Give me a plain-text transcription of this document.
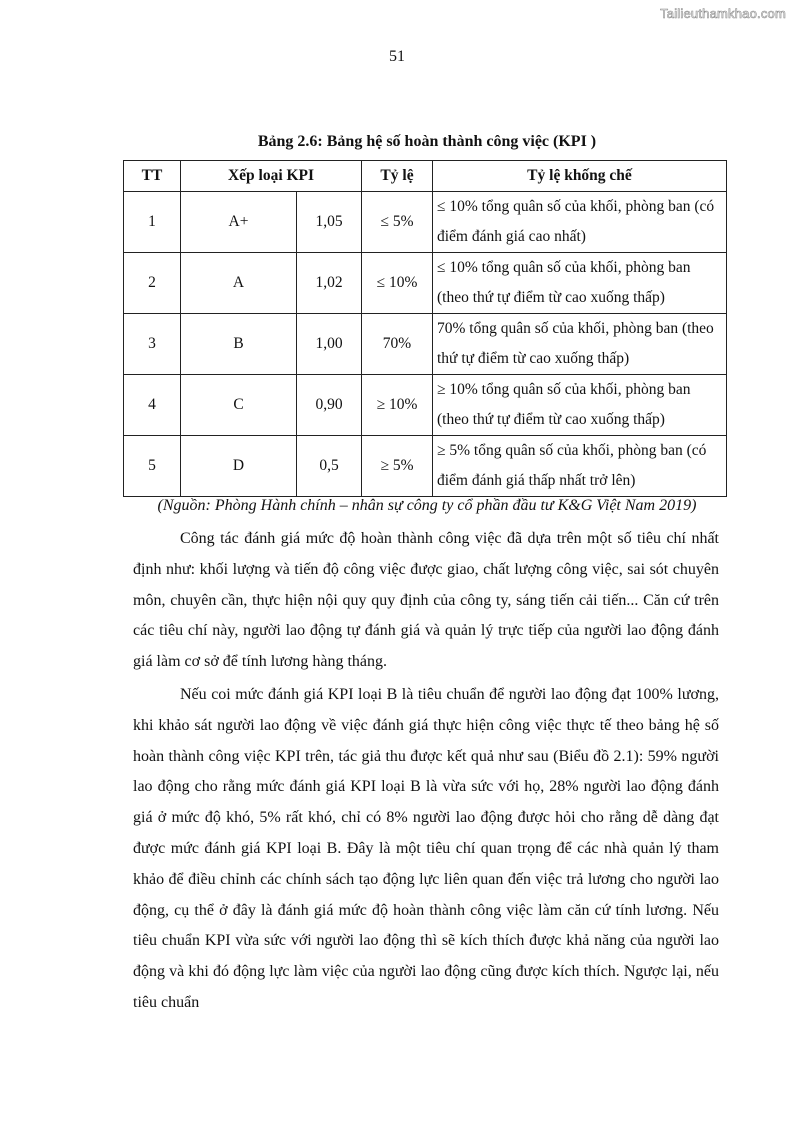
Tailieuthamkhao.com
51
Bảng 2.6: Bảng hệ số hoàn thành công việc (KPI )
TT	Xếp loại KPI		Tỷ lệ	Tỷ lệ khống chế
1	A+	1,05	≤ 5%	≤ 10% tổng quân số của khối, phòng ban (có điểm đánh giá cao nhất)
2	A	1,02	≤ 10%	≤ 10% tổng quân số của khối, phòng ban (theo thứ tự điểm từ cao xuống thấp)
3	B	1,00	70%	70% tổng quân số của khối, phòng ban (theo thứ tự điểm từ cao xuống thấp)
4	C	0,90	≥ 10%	≥ 10% tổng quân số của khối, phòng ban (theo thứ tự điểm từ cao xuống thấp)
5	D	0,5	≥ 5%	≥ 5% tổng quân số của khối, phòng ban (có điểm đánh giá thấp nhất trở lên)
(Nguồn: Phòng Hành chính – nhân sự công ty cổ phần đầu tư K&G Việt Nam 2019)

Công tác đánh giá mức độ hoàn thành công việc đã dựa trên một số tiêu chí nhất định như: khối lượng và tiến độ công việc được giao, chất lượng công việc, sai sót chuyên môn, chuyên cần, thực hiện nội quy quy định của công ty, sáng tiến cải tiến... Căn cứ trên các tiêu chí này, người lao động tự đánh giá và quản lý trực tiếp của người lao động đánh giá làm cơ sở để tính lương hàng tháng.

Nếu coi mức đánh giá KPI loại B là tiêu chuẩn để người lao động đạt 100% lương, khi khảo sát người lao động về việc đánh giá thực hiện công việc thực tế theo bảng hệ số hoàn thành công việc KPI trên, tác giả thu được kết quả như sau (Biểu đồ 2.1): 59% người lao động cho rằng mức đánh giá KPI loại B là vừa sức với họ, 28% người lao động đánh giá ở mức độ khó, 5% rất khó, chỉ có 8% người lao động được hỏi cho rằng dễ dàng đạt được mức đánh giá KPI loại B. Đây là một tiêu chí quan trọng để các nhà quản lý tham khảo để điều chỉnh các chính sách tạo động lực liên quan đến việc trả lương cho người lao động, cụ thể ở đây là đánh giá mức độ hoàn thành công việc làm căn cứ tính lương. Nếu tiêu chuẩn KPI vừa sức với người lao động thì sẽ kích thích được khả năng của người lao động và khi đó động lực làm việc của người lao động cũng được kích thích. Ngược lại, nếu tiêu chuẩn
